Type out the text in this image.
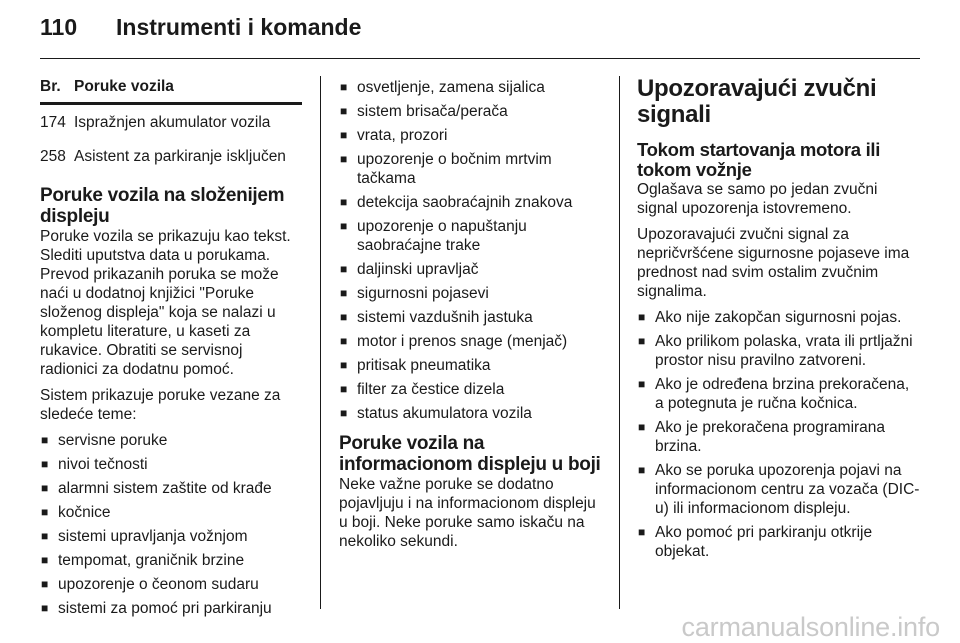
110 Instrumenti i komande
Br.	Poruke vozila
174	Ispražnjen akumulator vozila
258	Asistent za parkiranje isključen
Poruke vozila na složenijem displeju

Poruke vozila se prikazuju kao tekst. Slediti uputstva data u porukama. Prevod prikazanih poruka se može naći u dodatnoj knjižici "Poruke složenog displeja" koja se nalazi u kompletu literature, u kaseti za rukavice. Obratiti se servisnoj radionici za dodatnu pomoć.

Sistem prikazuje poruke vezane za sledeće teme:

■ servisne poruke
■ nivoi tečnosti
■ alarmni sistem zaštite od krađe
■ kočnice
■ sistemi upravljanja vožnjom
■ tempomat, graničnik brzine
■ upozorenje o čeonom sudaru
■ sistemi za pomoć pri parkiranju
■ osvetljenje, zamena sijalica
■ sistem brisača/perača
■ vrata, prozori
■ upozorenje o bočnim mrtvim tačkama
■ detekcija saobraćajnih znakova
■ upozorenje o napuštanju saobraćajne trake
■ daljinski upravljač
■ sigurnosni pojasevi
■ sistemi vazdušnih jastuka
■ motor i prenos snage (menjač)
■ pritisak pneumatika
■ filter za čestice dizela
■ status akumulatora vozila
Poruke vozila na informacionom displeju u boji

Neke važne poruke se dodatno pojavljuju i na informacionom displeju u boji. Neke poruke samo iskaču na nekoliko sekundi.

Upozoravajući zvučni signali
Tokom startovanja motora ili tokom vožnje

Oglašava se samo po jedan zvučni signal upozorenja istovremeno.

Upozoravajući zvučni signal za nepričvršćene sigurnosne pojaseve ima prednost nad svim ostalim zvučnim signalima.

■ Ako nije zakopčan sigurnosni pojas.
■ Ako prilikom polaska, vrata ili prtljažni prostor nisu pravilno zatvoreni.
■ Ako je određena brzina prekoračena, a potegnuta je ručna kočnica.
■ Ako je prekoračena programirana brzina.
■ Ako se poruka upozorenja pojavi na informacionom centru za vozača (DIC-u) ili informacionom displeju.
■ Ako pomoć pri parkiranju otkrije objekat.
carmanualsonline.info
